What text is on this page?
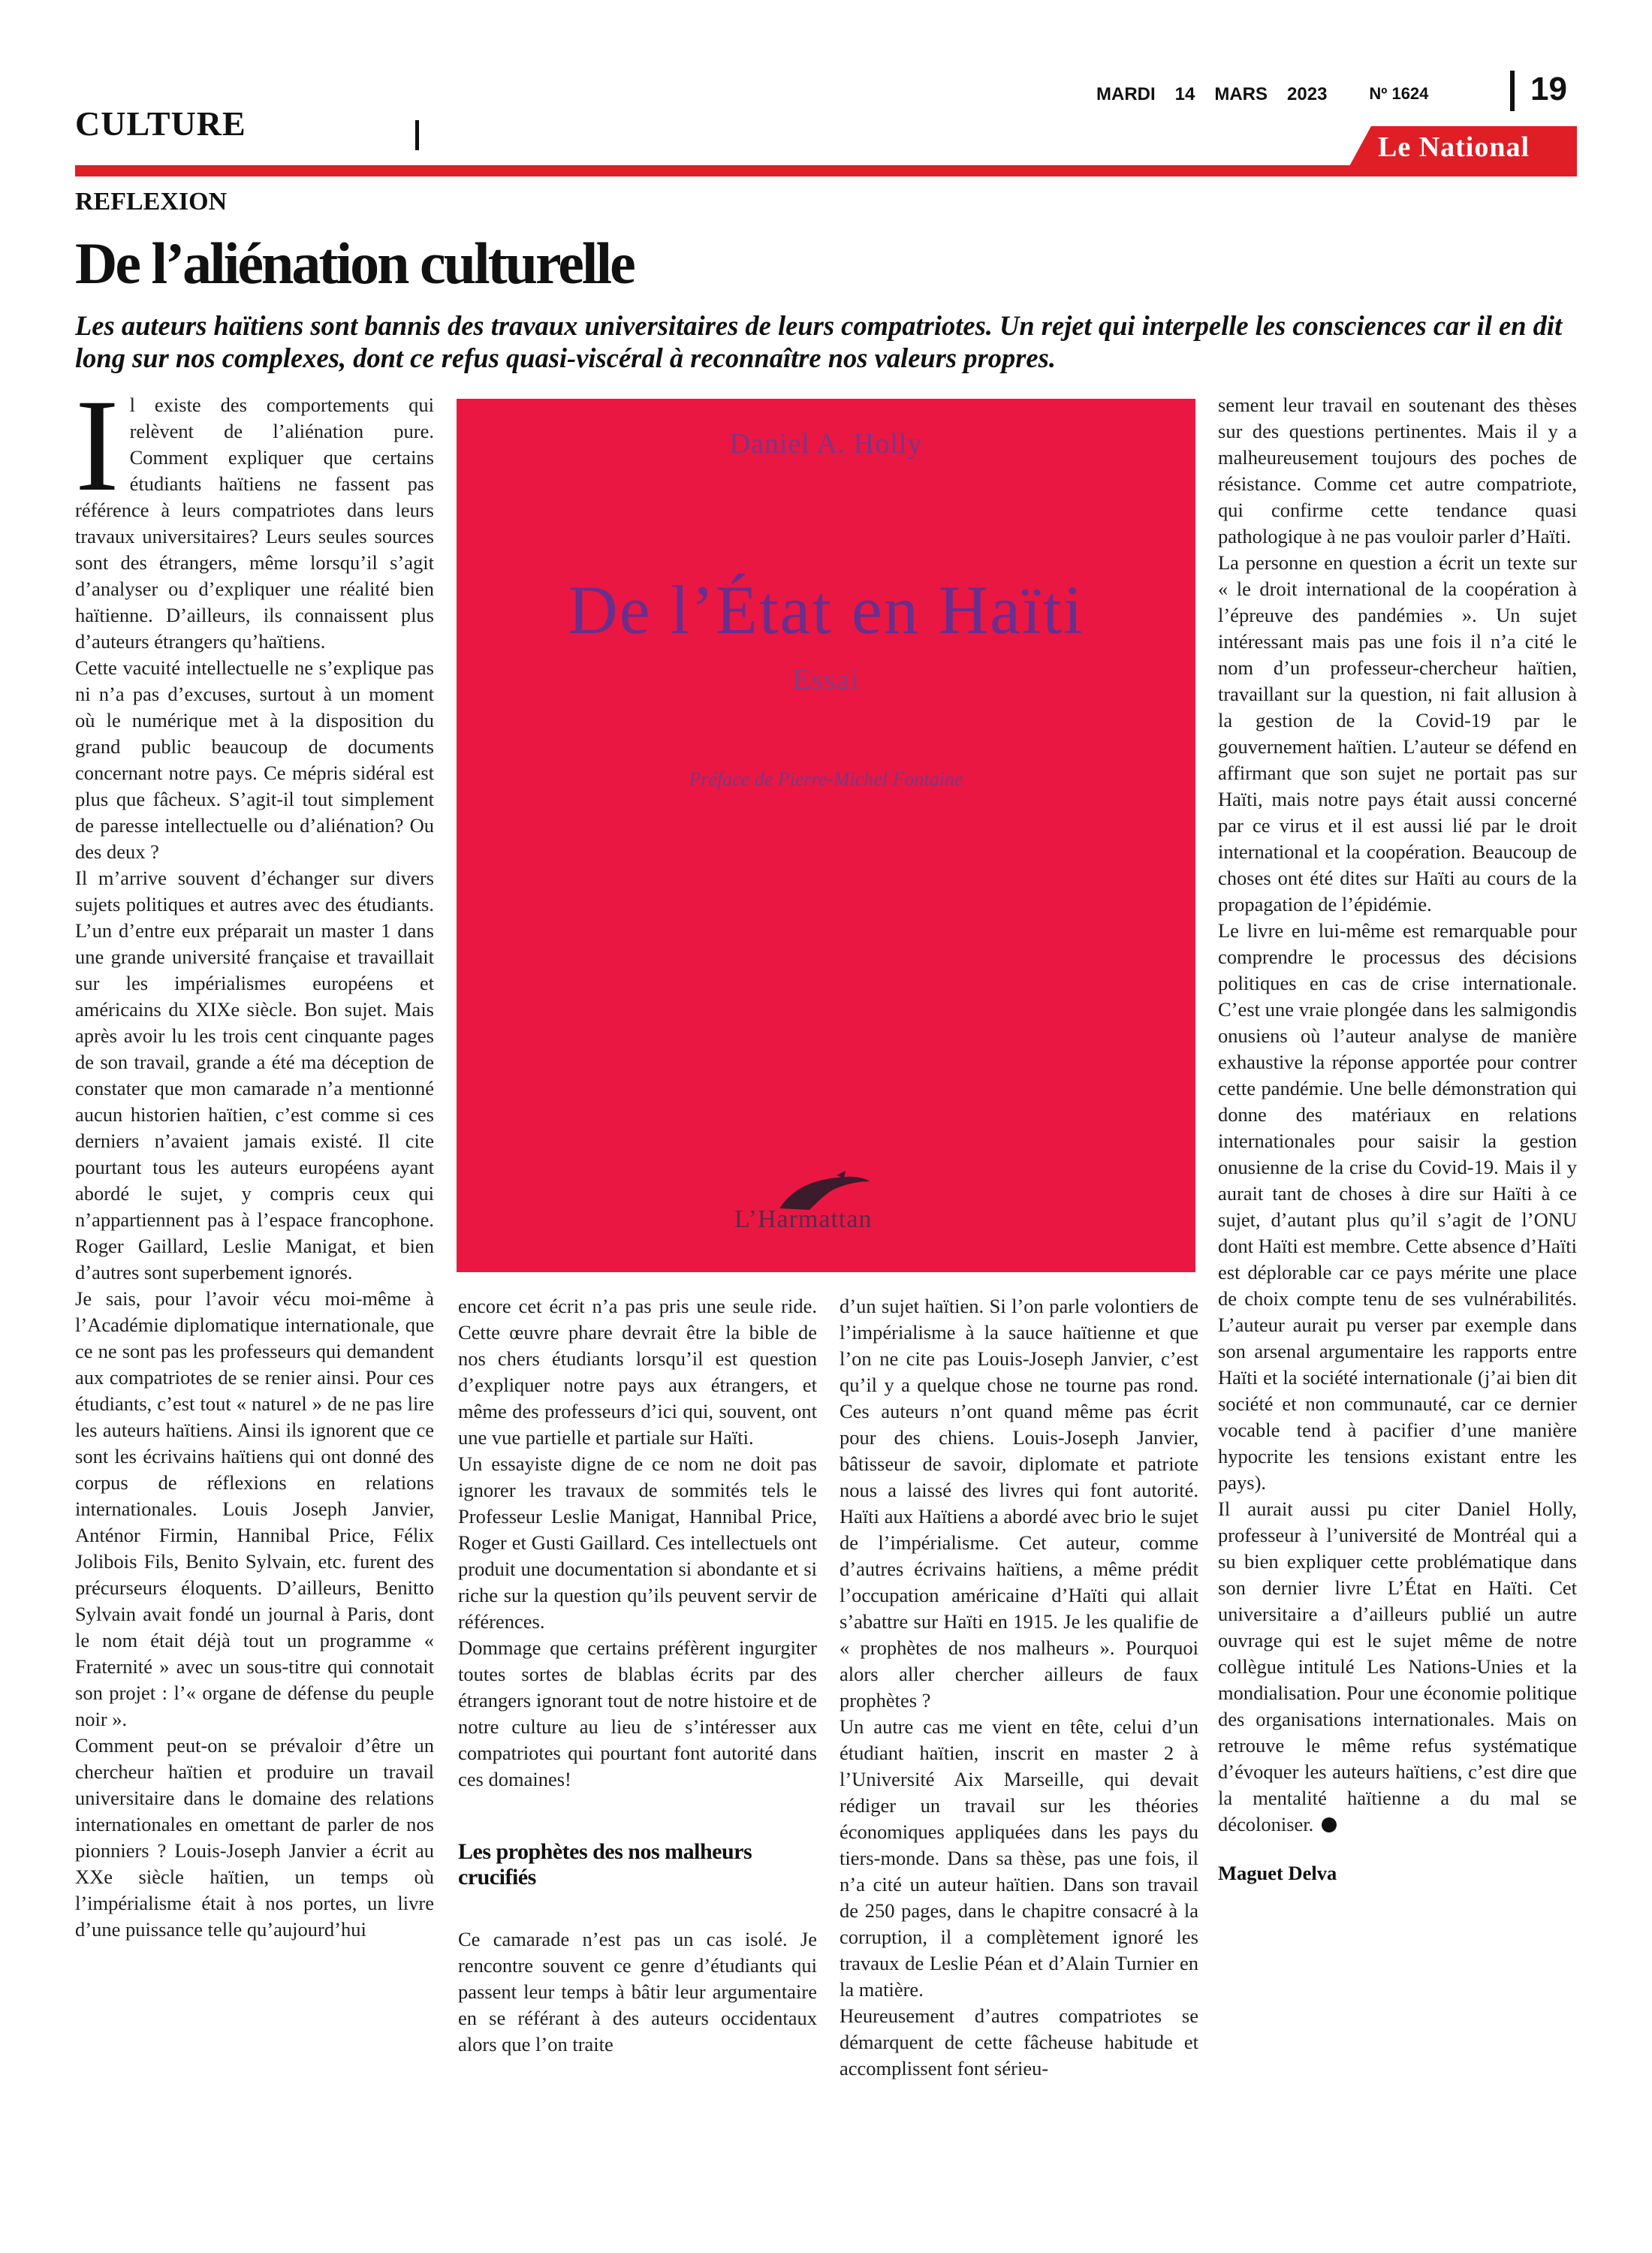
CULTURE
MARDI 14 MARS 2023	Nº 1624	19
Le National
REFLEXION
De l’aliénation culturelle
Les auteurs haïtiens sont bannis des travaux universitaires de leurs compatriotes. Un rejet qui interpelle les consciences car il en dit long sur nos complexes, dont ce refus quasi-viscéral à reconnaître nos valeurs propres.

Il existe des comportements qui relèvent de l’aliénation pure. Comment expliquer que certains étudiants haïtiens ne fassent pas référence à leurs compatriotes dans leurs travaux universitaires? Leurs seules sources sont des étrangers, même lorsqu’il s’agit d’analyser ou d’expliquer une réalité bien haïtienne. D’ailleurs, ils connaissent plus d’auteurs étrangers qu’haïtiens.

Cette vacuité intellectuelle ne s’explique pas ni n’a pas d’excuses, surtout à un moment où le numérique met à la disposition du grand public beaucoup de documents concernant notre pays. Ce mépris sidéral est plus que fâcheux. S’agit-il tout simplement de paresse intellectuelle ou d’aliénation? Ou des deux ?

Il m’arrive souvent d’échanger sur divers sujets politiques et autres avec des étudiants. L’un d’entre eux préparait un master 1 dans une grande université française et travaillait sur les impérialismes européens et américains du XIXe siècle. Bon sujet. Mais après avoir lu les trois cent cinquante pages de son travail, grande a été ma déception de constater que mon camarade n’a mentionné aucun historien haïtien, c’est comme si ces derniers n’avaient jamais existé. Il cite pourtant tous les auteurs européens ayant abordé le sujet, y compris ceux qui n’appartiennent pas à l’espace francophone. Roger Gaillard, Leslie Manigat, et bien d’autres sont superbement ignorés.

Je sais, pour l’avoir vécu moi-même à l’Académie diplomatique internationale, que ce ne sont pas les professeurs qui demandent aux compatriotes de se renier ainsi. Pour ces étudiants, c’est tout « naturel » de ne pas lire les auteurs haïtiens. Ainsi ils ignorent que ce sont les écrivains haïtiens qui ont donné des corpus de réflexions en relations internationales. Louis Joseph Janvier, Anténor Firmin, Hannibal Price, Félix Jolibois Fils, Benito Sylvain, etc. furent des précurseurs éloquents. D’ailleurs, Benitto Sylvain avait fondé un journal à Paris, dont le nom était déjà tout un programme « Fraternité » avec un sous-titre qui connotait son projet : l’« organe de défense du peuple noir ».

Comment peut-on se prévaloir d’être un chercheur haïtien et produire un travail universitaire dans le domaine des relations internationales en omettant de parler de nos pionniers ? Louis-Joseph Janvier a écrit au XXe siècle haïtien, un temps où l’impérialisme était à nos portes, un livre d’une puissance telle qu’aujourd’hui

Daniel A. Holly
De l’État en Haïti
Essai
Préface de Pierre-Michel Fontaine
L’Harmattan

encore cet écrit n’a pas pris une seule ride. Cette œuvre phare devrait être la bible de nos chers étudiants lorsqu’il est question d’expliquer notre pays aux étrangers, et même des professeurs d’ici qui, souvent, ont une vue partielle et partiale sur Haïti.

Un essayiste digne de ce nom ne doit pas ignorer les travaux de sommités tels le Professeur Leslie Manigat, Hannibal Price, Roger et Gusti Gaillard. Ces intellectuels ont produit une documentation si abondante et si riche sur la question qu’ils peuvent servir de références.

Dommage que certains préfèrent ingurgiter toutes sortes de blablas écrits par des étrangers ignorant tout de notre histoire et de notre culture au lieu de s’intéresser aux compatriotes qui pourtant font autorité dans ces domaines!

Les prophètes des nos malheurs crucifiés

Ce camarade n’est pas un cas isolé. Je rencontre souvent ce genre d’étudiants qui passent leur temps à bâtir leur argumentaire en se référant à des auteurs occidentaux alors que l’on traite

d’un sujet haïtien. Si l’on parle volontiers de l’impérialisme à la sauce haïtienne et que l’on ne cite pas Louis-Joseph Janvier, c’est qu’il y a quelque chose ne tourne pas rond. Ces auteurs n’ont quand même pas écrit pour des chiens. Louis-Joseph Janvier, bâtisseur de savoir, diplomate et patriote nous a laissé des livres qui font autorité. Haïti aux Haïtiens a abordé avec brio le sujet de l’impérialisme. Cet auteur, comme d’autres écrivains haïtiens, a même prédit l’occupation américaine d’Haïti qui allait s’abattre sur Haïti en 1915. Je les qualifie de « prophètes de nos malheurs ». Pourquoi alors aller chercher ailleurs de faux prophètes ?

Un autre cas me vient en tête, celui d’un étudiant haïtien, inscrit en master 2 à l’Université Aix Marseille, qui devait rédiger un travail sur les théories économiques appliquées dans les pays du tiers-monde. Dans sa thèse, pas une fois, il n’a cité un auteur haïtien. Dans son travail de 250 pages, dans le chapitre consacré à la corruption, il a complètement ignoré les travaux de Leslie Péan et d’Alain Turnier en la matière.

Heureusement d’autres compatriotes se démarquent de cette fâcheuse habitude et accomplissent font sérieu-

sement leur travail en soutenant des thèses sur des questions pertinentes. Mais il y a malheureusement toujours des poches de résistance. Comme cet autre compatriote, qui confirme cette tendance quasi pathologique à ne pas vouloir parler d’Haïti.

La personne en question a écrit un texte sur « le droit international de la coopération à l’épreuve des pandémies ». Un sujet intéressant mais pas une fois il n’a cité le nom d’un professeur-chercheur haïtien, travaillant sur la question, ni fait allusion à la gestion de la Covid-19 par le gouvernement haïtien. L’auteur se défend en affirmant que son sujet ne portait pas sur Haïti, mais notre pays était aussi concerné par ce virus et il est aussi lié par le droit international et la coopération. Beaucoup de choses ont été dites sur Haïti au cours de la propagation de l’épidémie.

Le livre en lui-même est remarquable pour comprendre le processus des décisions politiques en cas de crise internationale. C’est une vraie plongée dans les salmigondis onusiens où l’auteur analyse de manière exhaustive la réponse apportée pour contrer cette pandémie. Une belle démonstration qui donne des matériaux en relations internationales pour saisir la gestion onusienne de la crise du Covid-19. Mais il y aurait tant de choses à dire sur Haïti à ce sujet, d’autant plus qu’il s’agit de l’ONU dont Haïti est membre. Cette absence d’Haïti est déplorable car ce pays mérite une place de choix compte tenu de ses vulnérabilités. L’auteur aurait pu verser par exemple dans son arsenal argumentaire les rapports entre Haïti et la société internationale (j’ai bien dit société et non communauté, car ce dernier vocable tend à pacifier d’une manière hypocrite les tensions existant entre les pays).

Il aurait aussi pu citer Daniel Holly, professeur à l’université de Montréal qui a su bien expliquer cette problématique dans son dernier livre L’État en Haïti. Cet universitaire a d’ailleurs publié un autre ouvrage qui est le sujet même de notre collègue intitulé Les Nations-Unies et la mondialisation. Pour une économie politique des organisations internationales. Mais on retrouve le même refus systématique d’évoquer les auteurs haïtiens, c’est dire que la mentalité haïtienne a du mal se décoloniser.

Maguet Delva
